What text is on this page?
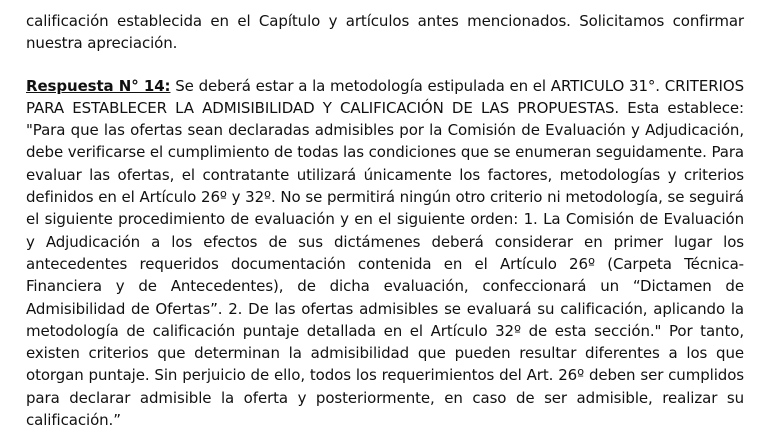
calificación establecida en el Capítulo y artículos antes mencionados. Solicitamos confirmar nuestra apreciación.

Respuesta N° 14: Se deberá estar a la metodología estipulada en el ARTICULO 31°. CRITERIOS PARA ESTABLECER LA ADMISIBILIDAD Y CALIFICACIÓN DE LAS PROPUESTAS. Esta establece: "Para que las ofertas sean declaradas admisibles por la Comisión de Evaluación y Adjudicación, debe verificarse el cumplimiento de todas las condiciones que se enumeran seguidamente. Para evaluar las ofertas, el contratante utilizará únicamente los factores, metodologías y criterios definidos en el Artículo 26º y 32º. No se permitirá ningún otro criterio ni metodología, se seguirá el siguiente procedimiento de evaluación y en el siguiente orden: 1. La Comisión de Evaluación y Adjudicación a los efectos de sus dictámenes deberá considerar en primer lugar los antecedentes requeridos documentación contenida en el Artículo 26º (Carpeta Técnica- Financiera y de Antecedentes), de dicha evaluación, confeccionará un “Dictamen de Admisibilidad de Ofertas”. 2. De las ofertas admisibles se evaluará su calificación, aplicando la metodología de calificación puntaje detallada en el Artículo 32º de esta sección." Por tanto, existen criterios que determinan la admisibilidad que pueden resultar diferentes a los que otorgan puntaje. Sin perjuicio de ello, todos los requerimientos del Art. 26º deben ser cumplidos para declarar admisible la oferta y posteriormente, en caso de ser admisible, realizar su calificación.”
